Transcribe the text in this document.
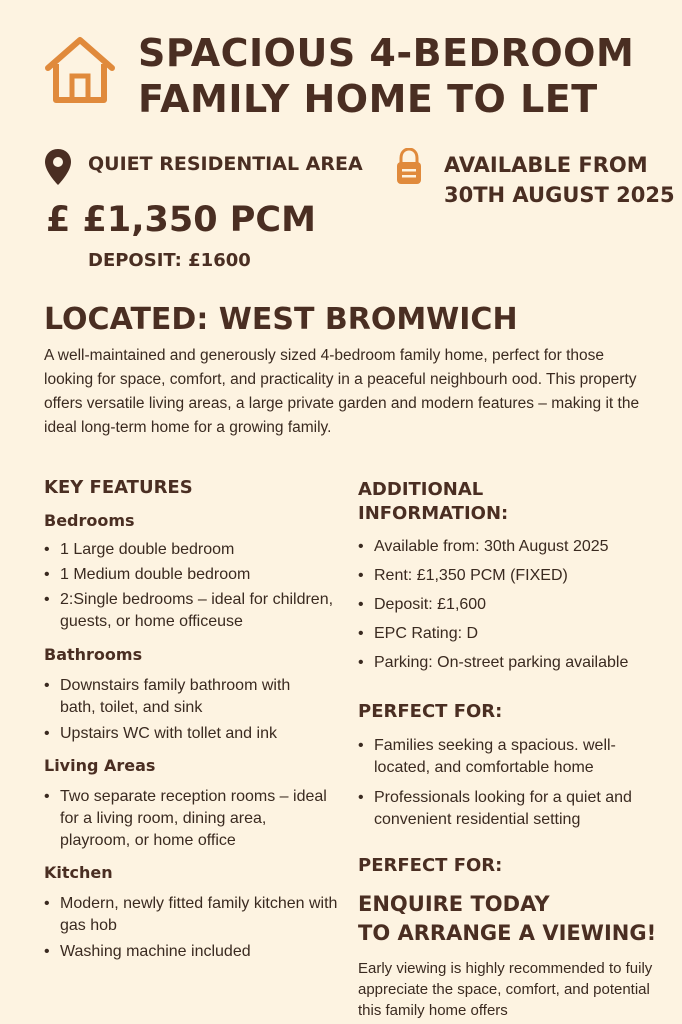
SPACIOUS 4-BEDROOM
FAMILY HOME TO LET
QUIET RESIDENTIAL AREA	AVAILABLE FROM
30TH AUGUST 2025
£ £1,350 PCM
DEPOSIT: £1600
LOCATED: WEST BROMWICH
A well-maintained and generously sized 4-bedroom family home, perfect for those looking for space, comfort, and practicality in a peaceful neighbourh ood. This property offers versatile living areas, a large private garden and modern features – making it the ideal long-term home for a growing family.
KEY FEATURES
Bedrooms
• 1 Large double bedroom
• 1 Medium double bedroom
• 2:Single bedrooms – ideal for children, guests, or home officeuse
Bathrooms
• Downstairs family bathroom with bath, toilet, and sink
• Upstairs WC with tollet and ink
Living Areas
• Two separate reception rooms – ideal for a living room, dining area, playroom, or home office
Kitchen
• Modern, newly fitted family kitchen with gas hob
• Washing machine included
ADDITIONAL
INFORMATION:
• Available from: 30th August 2025
• Rent: £1,350 PCM (FIXED)
• Deposit: £1,600
• EPC Rating: D
• Parking: On-street parking available
PERFECT FOR:
• Families seeking a spacious. well-located, and comfortable home
• Professionals looking for a quiet and convenient residential setting
PERFECT FOR:
ENQUIRE TODAY
TO ARRANGE A VIEWING!
Early viewing is highly recommended to fuily appreciate the space, comfort, and potential this family home offers
